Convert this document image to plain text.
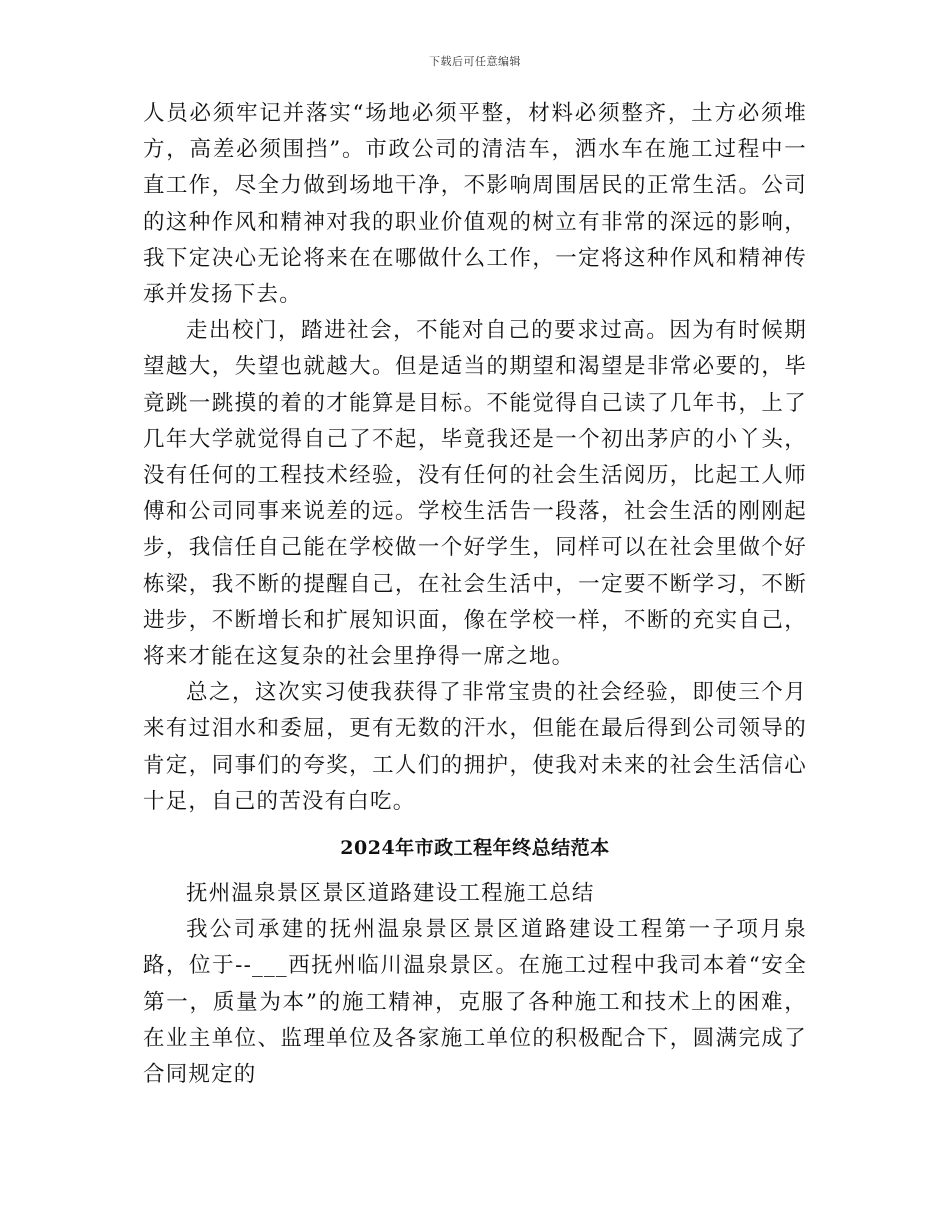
下载后可任意编辑

人员必须牢记并落实“场地必须平整，材料必须整齐，土方必须堆方，高差必须围挡”。市政公司的清洁车，洒水车在施工过程中一直工作，尽全力做到场地干净，不影响周围居民的正常生活。公司的这种作风和精神对我的职业价值观的树立有非常的深远的影响，我下定决心无论将来在在哪做什么工作，一定将这种作风和精神传承并发扬下去。

走出校门，踏进社会，不能对自己的要求过高。因为有时候期望越大，失望也就越大。但是适当的期望和渴望是非常必要的，毕竟跳一跳摸的着的才能算是目标。不能觉得自己读了几年书，上了几年大学就觉得自己了不起，毕竟我还是一个初出茅庐的小丫头，没有任何的工程技术经验，没有任何的社会生活阅历，比起工人师傅和公司同事来说差的远。学校生活告一段落，社会生活的刚刚起步，我信任自己能在学校做一个好学生，同样可以在社会里做个好栋梁，我不断的提醒自己，在社会生活中，一定要不断学习，不断进步，不断增长和扩展知识面，像在学校一样，不断的充实自己，将来才能在这复杂的社会里挣得一席之地。

总之，这次实习使我获得了非常宝贵的社会经验，即使三个月来有过泪水和委屈，更有无数的汗水，但能在最后得到公司领导的肯定，同事们的夸奖，工人们的拥护，使我对未来的社会生活信心十足，自己的苦没有白吃。

2024年市政工程年终总结范本

抚州温泉景区景区道路建设工程施工总结

我公司承建的抚州温泉景区景区道路建设工程第一子项月泉路，位于--___西抚州临川温泉景区。在施工过程中我司本着“安全第一，质量为本”的施工精神，克服了各种施工和技术上的困难，在业主单位、监理单位及各家施工单位的积极配合下，圆满完成了合同规定的
